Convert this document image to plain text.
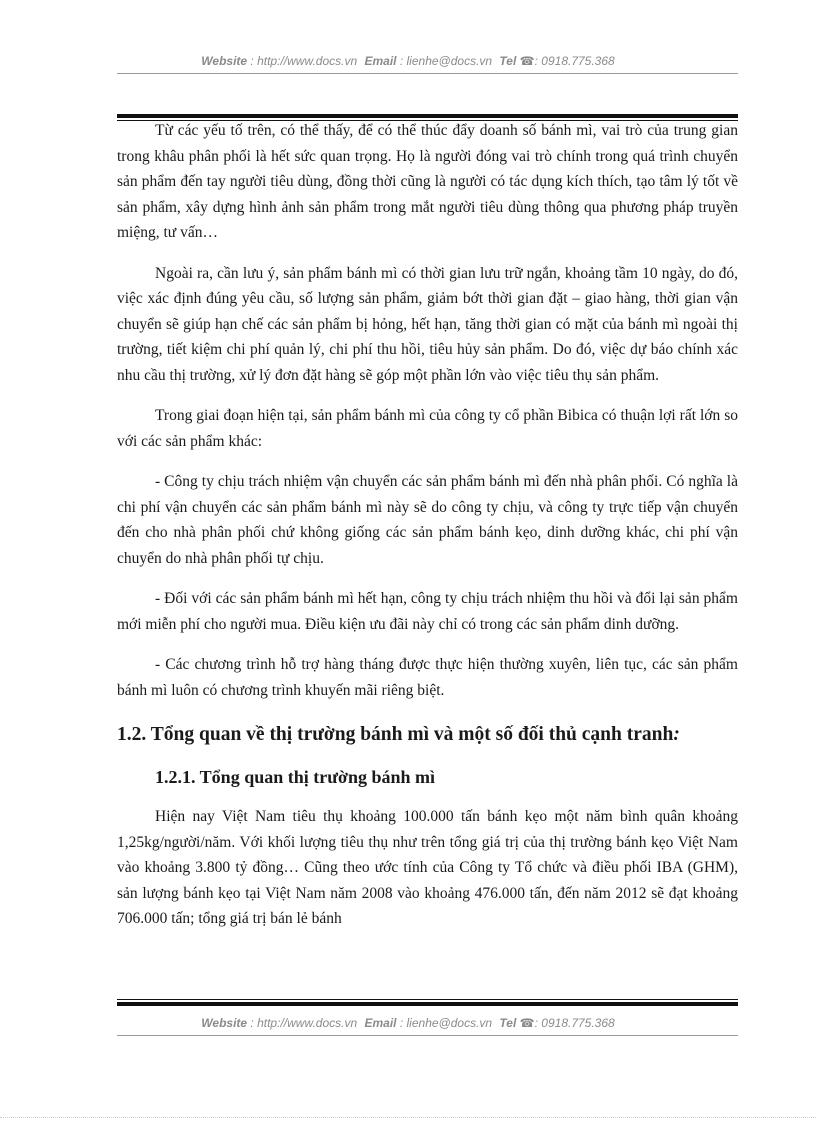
Website : http://www.docs.vn Email : lienhe@docs.vn Tel ☎: 0918.775.368

Từ các yếu tố trên, có thể thấy, để có thể thúc đẩy doanh số bánh mì, vai trò của trung gian trong khâu phân phối là hết sức quan trọng. Họ là người đóng vai trò chính trong quá trình chuyển sản phẩm đến tay người tiêu dùng, đồng thời cũng là người có tác dụng kích thích, tạo tâm lý tốt về sản phẩm, xây dựng hình ảnh sản phẩm trong mắt người tiêu dùng thông qua phương pháp truyền miệng, tư vấn…

Ngoài ra, cần lưu ý, sản phẩm bánh mì có thời gian lưu trữ ngắn, khoảng tầm 10 ngày, do đó, việc xác định đúng yêu cầu, số lượng sản phẩm, giảm bớt thời gian đặt – giao hàng, thời gian vận chuyển sẽ giúp hạn chế các sản phẩm bị hỏng, hết hạn, tăng thời gian có mặt của bánh mì ngoài thị trường, tiết kiệm chi phí quản lý, chi phí thu hồi, tiêu hủy sản phẩm. Do đó, việc dự báo chính xác nhu cầu thị trường, xử lý đơn đặt hàng sẽ góp một phần lớn vào việc tiêu thụ sản phẩm.

Trong giai đoạn hiện tại, sản phẩm bánh mì của công ty cổ phần Bibica có thuận lợi rất lớn so với các sản phẩm khác:

- Công ty chịu trách nhiệm vận chuyển các sản phẩm bánh mì đến nhà phân phối. Có nghĩa là chi phí vận chuyển các sản phẩm bánh mì này sẽ do công ty chịu, và công ty trực tiếp vận chuyển đến cho nhà phân phối chứ không giống các sản phẩm bánh kẹo, dinh dưỡng khác, chi phí vận chuyển do nhà phân phối tự chịu.

- Đối với các sản phẩm bánh mì hết hạn, công ty chịu trách nhiệm thu hồi và đổi lại sản phẩm mới miễn phí cho người mua. Điều kiện ưu đãi này chỉ có trong các sản phẩm dinh dưỡng.

- Các chương trình hỗ trợ hàng tháng được thực hiện thường xuyên, liên tục, các sản phẩm bánh mì luôn có chương trình khuyến mãi riêng biệt.

1.2. Tổng quan về thị trường bánh mì và một số đối thủ cạnh tranh:
1.2.1. Tổng quan thị trường bánh mì

Hiện nay Việt Nam tiêu thụ khoảng 100.000 tấn bánh kẹo một năm bình quân khoảng 1,25kg/người/năm. Với khối lượng tiêu thụ như trên tổng giá trị của thị trường bánh kẹo Việt Nam vào khoảng 3.800 tỷ đồng… Cũng theo ước tính của Công ty Tổ chức và điều phối IBA (GHM), sản lượng bánh kẹo tại Việt Nam năm 2008 vào khoảng 476.000 tấn, đến năm 2012 sẽ đạt khoảng 706.000 tấn; tổng giá trị bán lẻ bánh

Website : http://www.docs.vn Email : lienhe@docs.vn Tel ☎: 0918.775.368
